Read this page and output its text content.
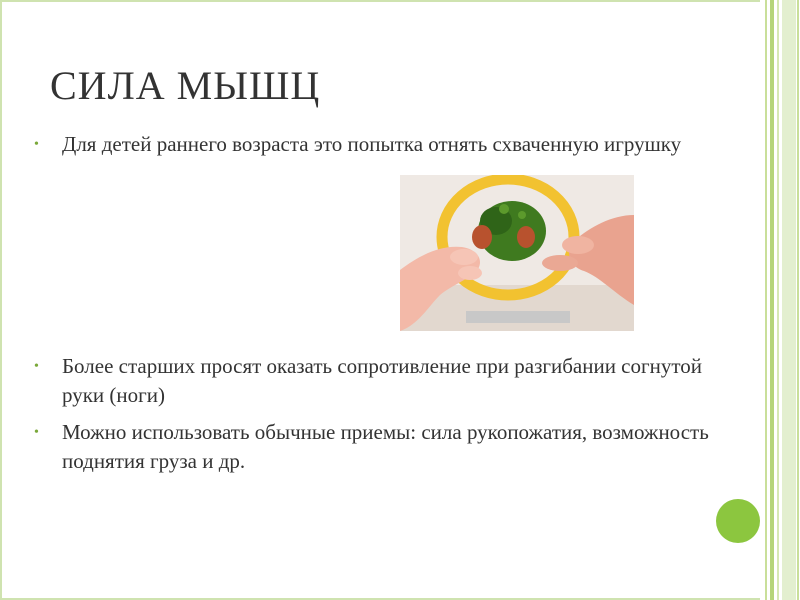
СИЛА МЫШЦ
• Для детей раннего возраста это попытка отнять схваченную игрушку
• Более старших просят оказать сопротивление при разгибании согнутой руки (ноги)
• Можно использовать обычные приемы: сила рукопожатия, возможность поднятия груза и др.
